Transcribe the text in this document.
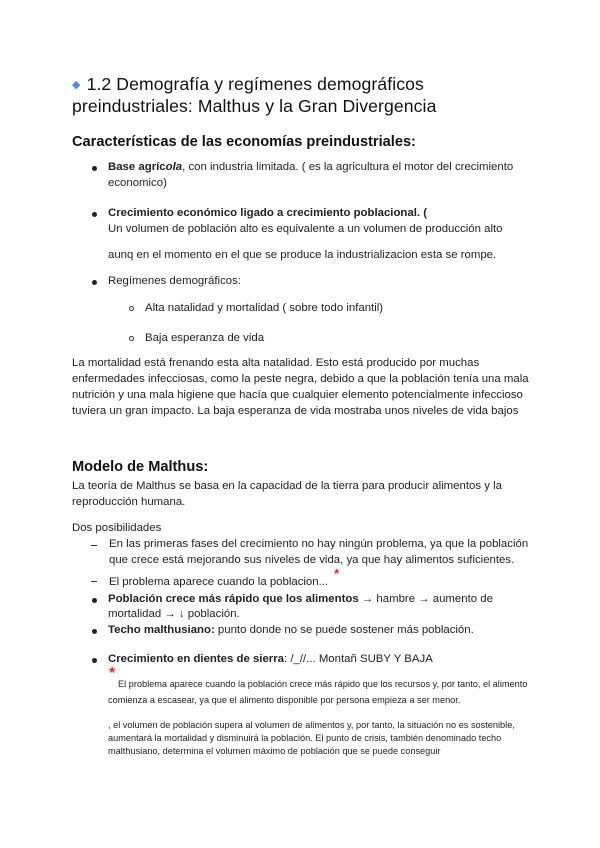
◆ 1.2 Demografía y regímenes demográficos
preindustriales: Malthus y la Gran Divergencia
Características de las economías preindustriales:
Base agrícola, con industria limitada. ( es la agricultura el motor del crecimiento
economico)
Crecimiento económico ligado a crecimiento poblacional. (
Un volumen de población alto es equivalente a un volumen de producción alto
aunq en el momento en el que se produce la industrializacion esta se rompe.
Regímenes demográficos:
Alta natalidad y mortalidad ( sobre todo infantil)
Baja esperanza de vida
La mortalidad está frenando esta alta natalidad. Esto está producido por muchas
enfermedades infecciosas, como la peste negra, debido a que la población tenía una mala
nutrición y una mala higiene que hacía que cualquier elemento potencialmente infeccioso
tuviera un gran impacto. La baja esperanza de vida mostraba unos niveles de vida bajos
Modelo de Malthus:
La teoría de Malthus se basa en la capacidad de la tierra para producir alimentos y la
reproducción humana.
Dos posibilidades
En las primeras fases del crecimiento no hay ningún problema, ya que la población
que crece está mejorando sus niveles de vida, ya que hay alimentos suficientes.
El problema aparece cuando la poblacion...*
Población crece más rápido que los alimentos → hambre → aumento de
mortalidad → ↓ población.
Techo malthusiano: punto donde no se puede sostener más población.
Crecimiento en dientes de sierra: /_//... Montañ SUBY Y BAJA
*
El problema aparece cuando la población crece más rápido que los recursos y, por tanto, el alimento
comienza a escasear, ya que el alimento disponible por persona empieza a ser menor.
, el volumen de población supera al volumen de alimentos y, por tanto, la situación no es sostenible,
aumentará la mortalidad y disminuirá la población. El punto de crisis, también denominado techo
malthusiano, determina el volumen máximo de población que se puede conseguir
